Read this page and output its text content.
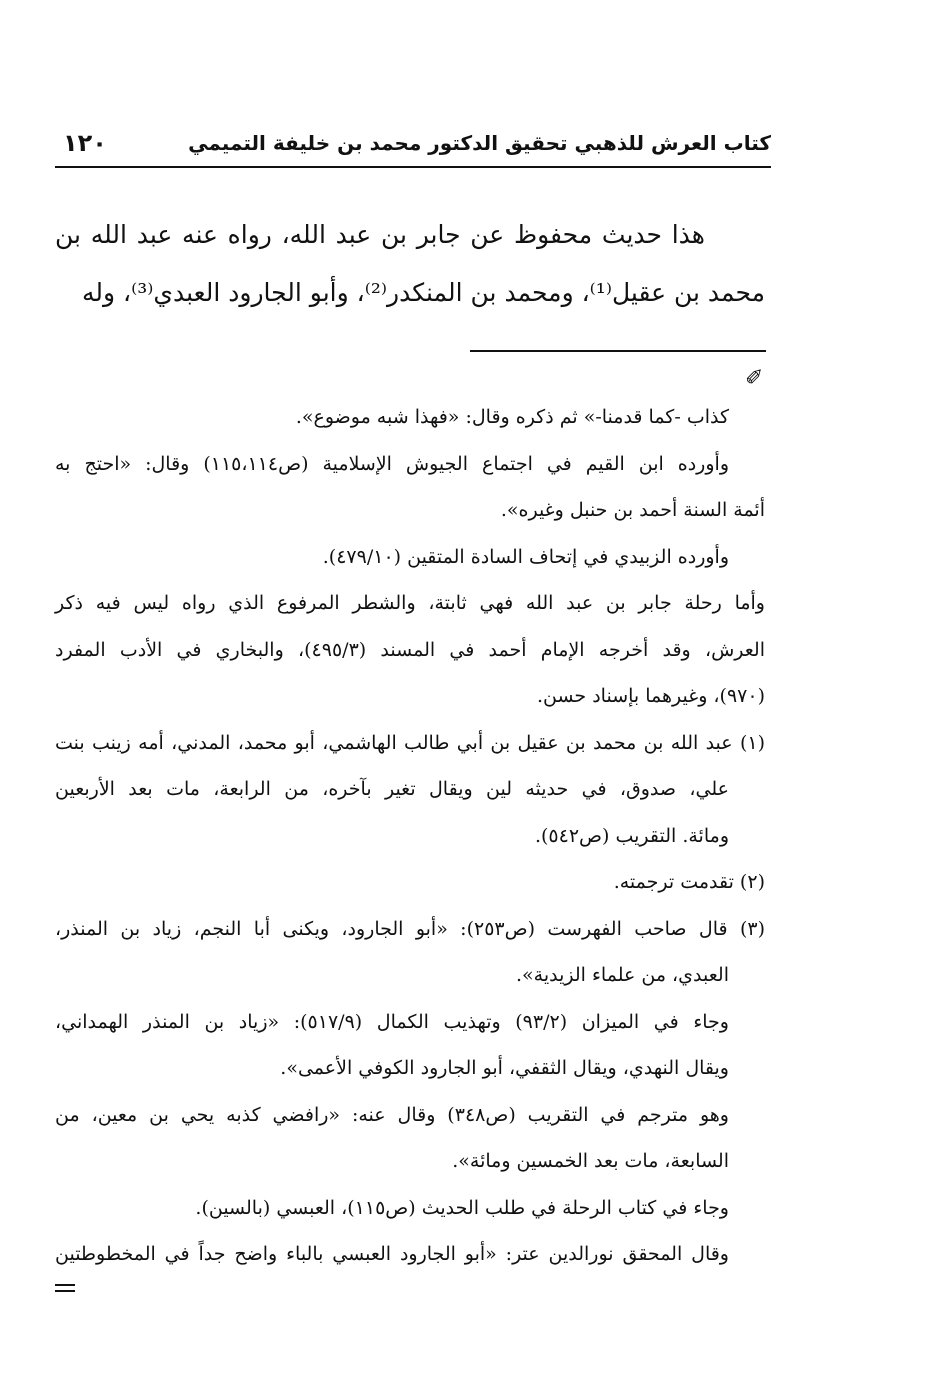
كتاب العرش للذهبي تحقيق الدكتور محمد بن خليفة التميمي
١٢٠

هذا حديث محفوظ عن جابر بن عبد الله، رواه عنه عبد الله بن محمد بن عقيل⁽¹⁾، ومحمد بن المنكدر⁽²⁾، وأبو الجارود العبدي⁽³⁾، وله

✐
كذاب -كما قدمنا-» ثم ذكره وقال: «فهذا شبه موضوع».
وأورده ابن القيم في اجتماع الجيوش الإسلامية (ص١١٥،١١٤) وقال: «احتج به
أئمة السنة أحمد بن حنبل وغيره».
وأورده الزبيدي في إتحاف السادة المتقين (٤٧٩/١٠).
وأما رحلة جابر بن عبد الله فهي ثابتة، والشطر المرفوع الذي رواه ليس فيه ذكر
العرش، وقد أخرجه الإمام أحمد في المسند (٤٩٥/٣)، والبخاري في الأدب المفرد
(٩٧٠)، وغيرهما بإسناد حسن.
(١) عبد الله بن محمد بن عقيل بن أبي طالب الهاشمي، أبو محمد، المدني، أمه زينب بنت
علي، صدوق، في حديثه لين ويقال تغير بآخره، من الرابعة، مات بعد الأربعين
ومائة. التقريب (ص٥٤٢).
(٢) تقدمت ترجمته.
(٣) قال صاحب الفهرست (ص٢٥٣): «أبو الجارود، ويكنى أبا النجم، زياد بن المنذر،
العبدي، من علماء الزيدية».
وجاء في الميزان (٩٣/٢) وتهذيب الكمال (٥١٧/٩): «زياد بن المنذر الهمداني،
ويقال النهدي، ويقال الثقفي، أبو الجارود الكوفي الأعمى».
وهو مترجم في التقريب (ص٣٤٨) وقال عنه: «رافضي كذبه يحي بن معين، من
السابعة، مات بعد الخمسين ومائة».
وجاء في كتاب الرحلة في طلب الحديث (ص١١٥)، العبسي (بالسين).
وقال المحقق نورالدين عتر: «أبو الجارود العبسي بالباء واضح جداً في المخطوطتين
